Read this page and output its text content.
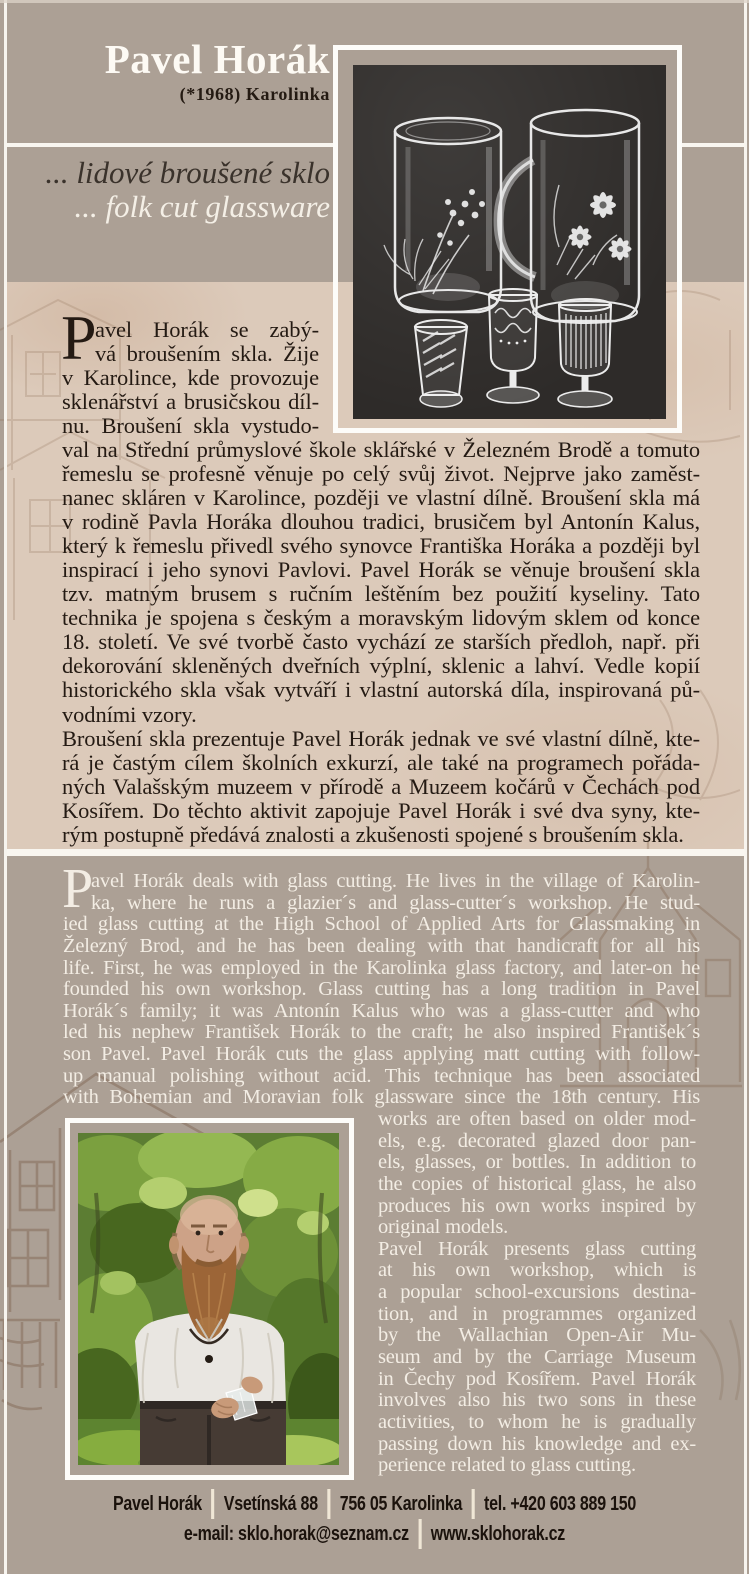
Pavel Horák
(*1968) Karolinka
... lidové broušené sklo
... folk cut glassware
P
avel Horák se zabý-
vá broušením skla. Žije
v Karolince, kde provozuje
sklenářství a brusičskou díl-
nu. Broušení skla vystudo-
val na Střední průmyslové škole sklářské v Železném Brodě a tomuto
řemeslu se profesně věnuje po celý svůj život. Nejprve jako zaměst-
nanec skláren v Karolince, později ve vlastní dílně. Broušení skla má
v rodině Pavla Horáka dlouhou tradici, brusičem byl Antonín Kalus,
který k řemeslu přivedl svého synovce Františka Horáka a později byl
inspirací i jeho synovi Pavlovi. Pavel Horák se věnuje broušení skla
tzv. matným brusem s ručním leštěním bez použití kyseliny. Tato
technika je spojena s českým a moravským lidovým sklem od konce
18. století. Ve své tvorbě často vychází ze starších předloh, např. při
dekorování skleněných dveřních výplní, sklenic a lahví. Vedle kopií
historického skla však vytváří i vlastní autorská díla, inspirovaná pů-
vodními vzory.
Broušení skla prezentuje Pavel Horák jednak ve své vlastní dílně, kte-
rá je častým cílem školních exkurzí, ale také na programech pořáda-
ných Valašským muzeem v přírodě a Muzeem kočárů v Čechách pod
Kosířem. Do těchto aktivit zapojuje Pavel Horák i své dva syny, kte-
rým postupně předává znalosti a zkušenosti spojené s broušením skla.
P
avel Horák deals with glass cutting. He lives in the village of Karolin-
ka, where he runs a glazier´s and glass-cutter´s workshop. He stud-
ied glass cutting at the High School of Applied Arts for Glassmaking in
Železný Brod, and he has been dealing with that handicraft for all his
life. First, he was employed in the Karolinka glass factory, and later-on he
founded his own workshop. Glass cutting has a long tradition in Pavel
Horák´s family; it was Antonín Kalus who was a glass-cutter and who
led his nephew František Horák to the craft; he also inspired František´s
son Pavel. Pavel Horák cuts the glass applying matt cutting with follow-
up manual polishing without acid. This technique has been associated
with Bohemian and Moravian folk glassware since the 18th century. His
works are often based on older mod-
els, e.g. decorated glazed door pan-
els, glasses, or bottles. In addition to
the copies of historical glass, he also
produces his own works inspired by
original models.
Pavel Horák presents glass cutting
at his own workshop, which is
a popular school-excursions destina-
tion, and in programmes organized
by the Wallachian Open-Air Mu-
seum and by the Carriage Museum
in Čechy pod Kosířem. Pavel Horák
involves also his two sons in these
activities, to whom he is gradually
passing down his knowledge and ex-
perience related to glass cutting.
Pavel Horák	Vsetínská 88	756 05 Karolinka	tel. +420 603 889 150
e-mail: sklo.horak@seznam.cz	www.sklohorak.cz
